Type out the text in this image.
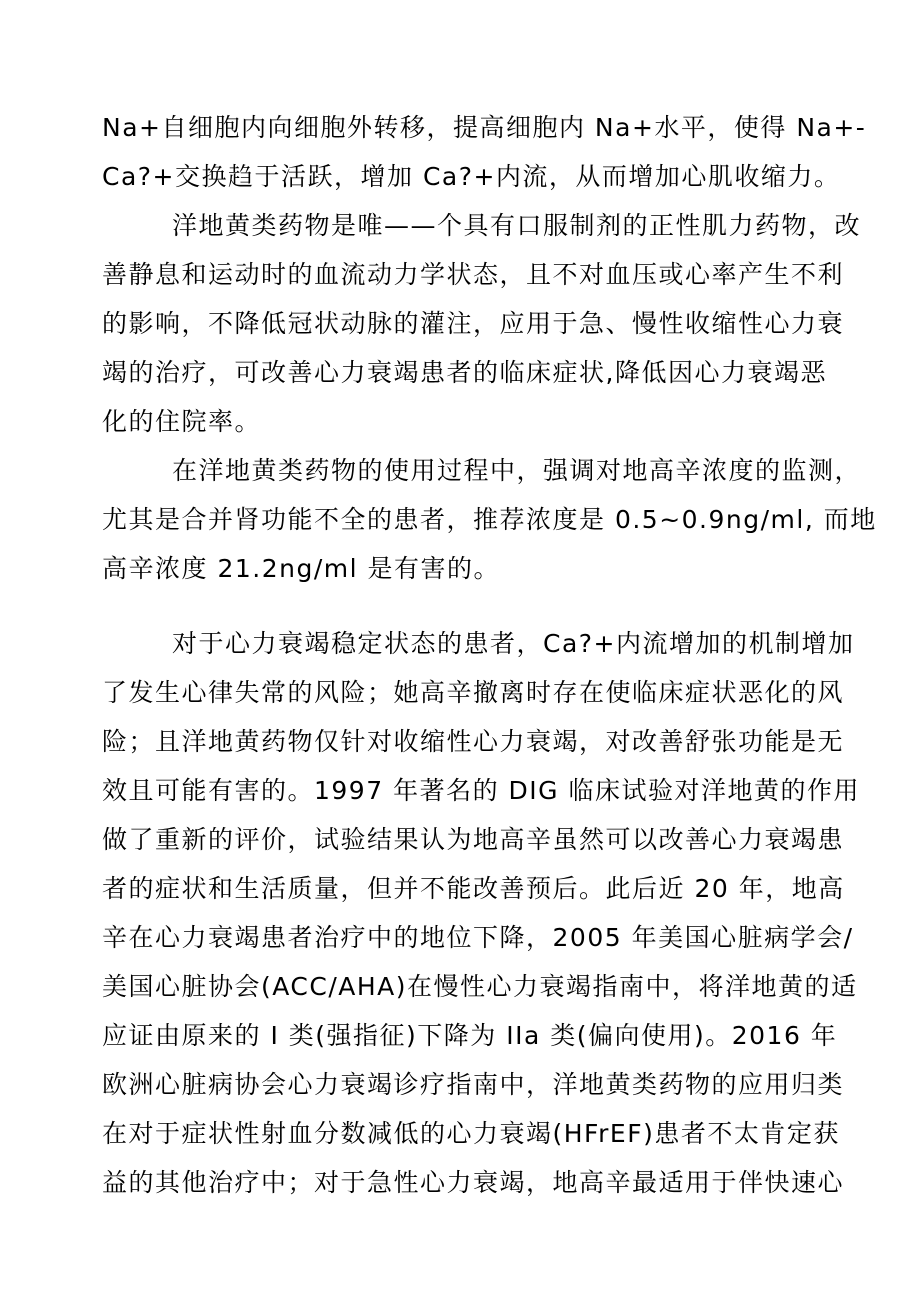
Na+自细胞内向细胞外转移，提高细胞内 Na+水平，使得 Na+-
Ca?+交换趋于活跃，增加 Ca?+内流，从而增加心肌收缩力。
洋地黄类药物是唯——个具有口服制剂的正性肌力药物，改
善静息和运动时的血流动力学状态，且不对血压或心率产生不利
的影响，不降低冠状动脉的灌注，应用于急、慢性收缩性心力衰
竭的治疗，可改善心力衰竭患者的临床症状,降低因心力衰竭恶
化的住院率。
在洋地黄类药物的使用过程中，强调对地高辛浓度的监测，
尤其是合并肾功能不全的患者，推荐浓度是 0.5~0.9ng/ml, 而地
高辛浓度 21.2ng/ml 是有害的。
对于心力衰竭稳定状态的患者，Ca?+内流增加的机制增加
了发生心律失常的风险；她高辛撤离时存在使临床症状恶化的风
险；且洋地黄药物仅针对收缩性心力衰竭，对改善舒张功能是无
效且可能有害的。1997 年著名的 DIG 临床试验对洋地黄的作用
做了重新的评价，试验结果认为地高辛虽然可以改善心力衰竭患
者的症状和生活质量，但并不能改善预后。此后近 20 年，地高
辛在心力衰竭患者治疗中的地位下降，2005 年美国心脏病学会/
美国心脏协会(ACC/AHA)在慢性心力衰竭指南中，将洋地黄的适
应证由原来的 I 类(强指征)下降为 IIa 类(偏向使用)。2016 年
欧洲心脏病协会心力衰竭诊疗指南中，洋地黄类药物的应用归类
在对于症状性射血分数减低的心力衰竭(HFrEF)患者不太肯定获
益的其他治疗中；对于急性心力衰竭，地高辛最适用于伴快速心
